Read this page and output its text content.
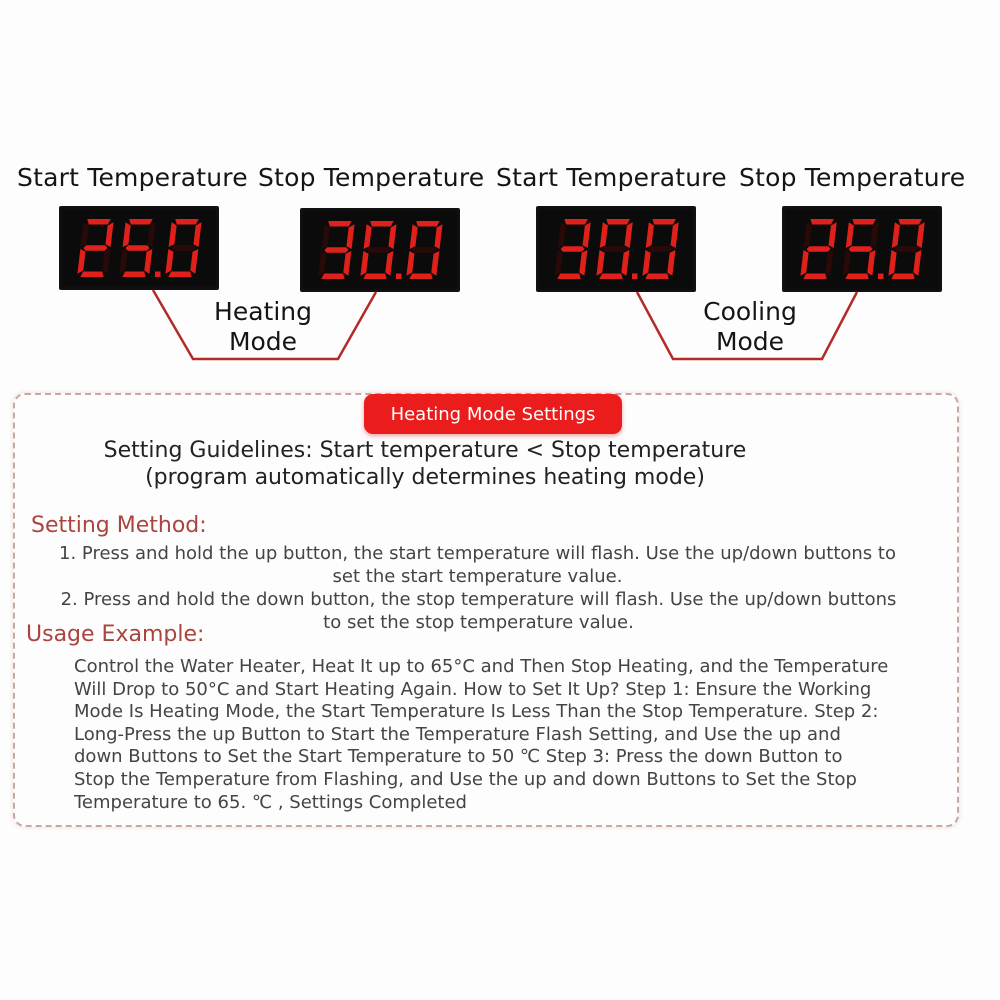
Start Temperature Stop Temperature Start Temperature Stop Temperature
Heating
Mode
Cooling
Mode
Heating Mode Settings
Setting Guidelines: Start temperature < Stop temperature
(program automatically determines heating mode)
Setting Method:
1. Press and hold the up button, the start temperature will flash. Use the up/down buttons to
set the start temperature value.
2. Press and hold the down button, the stop temperature will flash. Use the up/down buttons
to set the stop temperature value.
Usage Example:
Control the Water Heater, Heat It up to 65°C and Then Stop Heating, and the Temperature
Will Drop to 50°C and Start Heating Again. How to Set It Up? Step 1: Ensure the Working
Mode Is Heating Mode, the Start Temperature Is Less Than the Stop Temperature. Step 2:
Long-Press the up Button to Start the Temperature Flash Setting, and Use the up and
down Buttons to Set the Start Temperature to 50 ℃ Step 3: Press the down Button to
Stop the Temperature from Flashing, and Use the up and down Buttons to Set the Stop
Temperature to 65. ℃ , Settings Completed
